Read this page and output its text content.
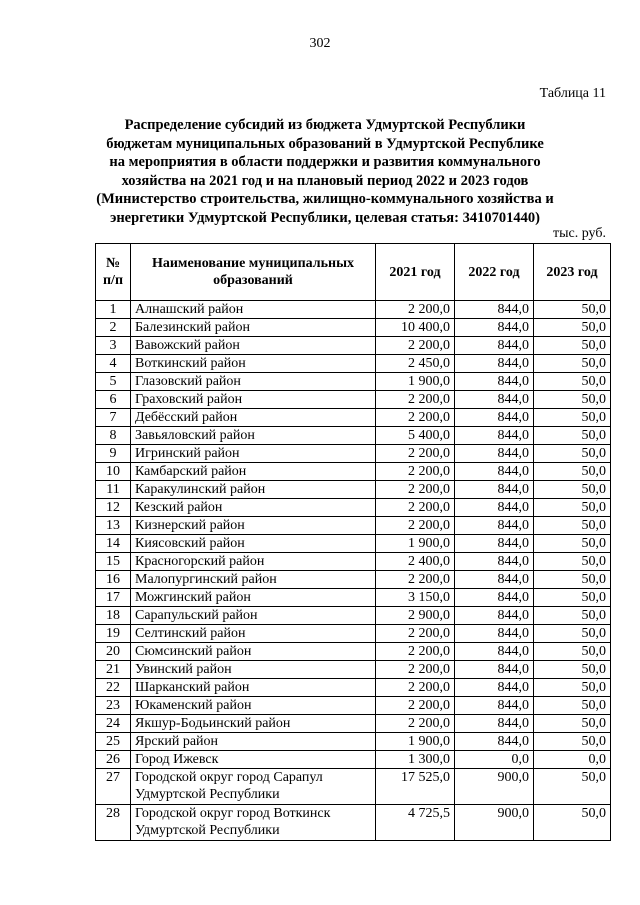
302
Таблица 11
Распределение субсидий из бюджета Удмуртской Республики
бюджетам муниципальных образований в Удмуртской Республике
на мероприятия в области поддержки и развития коммунального
хозяйства на 2021 год и на плановый период 2022 и 2023 годов
(Министерство строительства, жилищно-коммунального хозяйства и
энергетики Удмуртской Республики, целевая статья: 3410701440)
тыс. руб.
№ п/п	Наименование муниципальных образований	2021 год	2022 год	2023 год
1	Алнашский район	2 200,0	844,0	50,0
2	Балезинский район	10 400,0	844,0	50,0
3	Вавожский район	2 200,0	844,0	50,0
4	Воткинский район	2 450,0	844,0	50,0
5	Глазовский район	1 900,0	844,0	50,0
6	Граховский район	2 200,0	844,0	50,0
7	Дебёсский район	2 200,0	844,0	50,0
8	Завьяловский район	5 400,0	844,0	50,0
9	Игринский район	2 200,0	844,0	50,0
10	Камбарский район	2 200,0	844,0	50,0
11	Каракулинский район	2 200,0	844,0	50,0
12	Кезский район	2 200,0	844,0	50,0
13	Кизнерский район	2 200,0	844,0	50,0
14	Киясовский район	1 900,0	844,0	50,0
15	Красногорский район	2 400,0	844,0	50,0
16	Малопургинский район	2 200,0	844,0	50,0
17	Можгинский район	3 150,0	844,0	50,0
18	Сарапульский район	2 900,0	844,0	50,0
19	Селтинский район	2 200,0	844,0	50,0
20	Сюмсинский район	2 200,0	844,0	50,0
21	Увинский район	2 200,0	844,0	50,0
22	Шарканский район	2 200,0	844,0	50,0
23	Юкаменский район	2 200,0	844,0	50,0
24	Якшур-Бодьинский район	2 200,0	844,0	50,0
25	Ярский район	1 900,0	844,0	50,0
26	Город Ижевск	1 300,0	0,0	0,0
27	Городской округ город Сарапул Удмуртской Республики	17 525,0	900,0	50,0
28	Городской округ город Воткинск Удмуртской Республики	4 725,5	900,0	50,0
